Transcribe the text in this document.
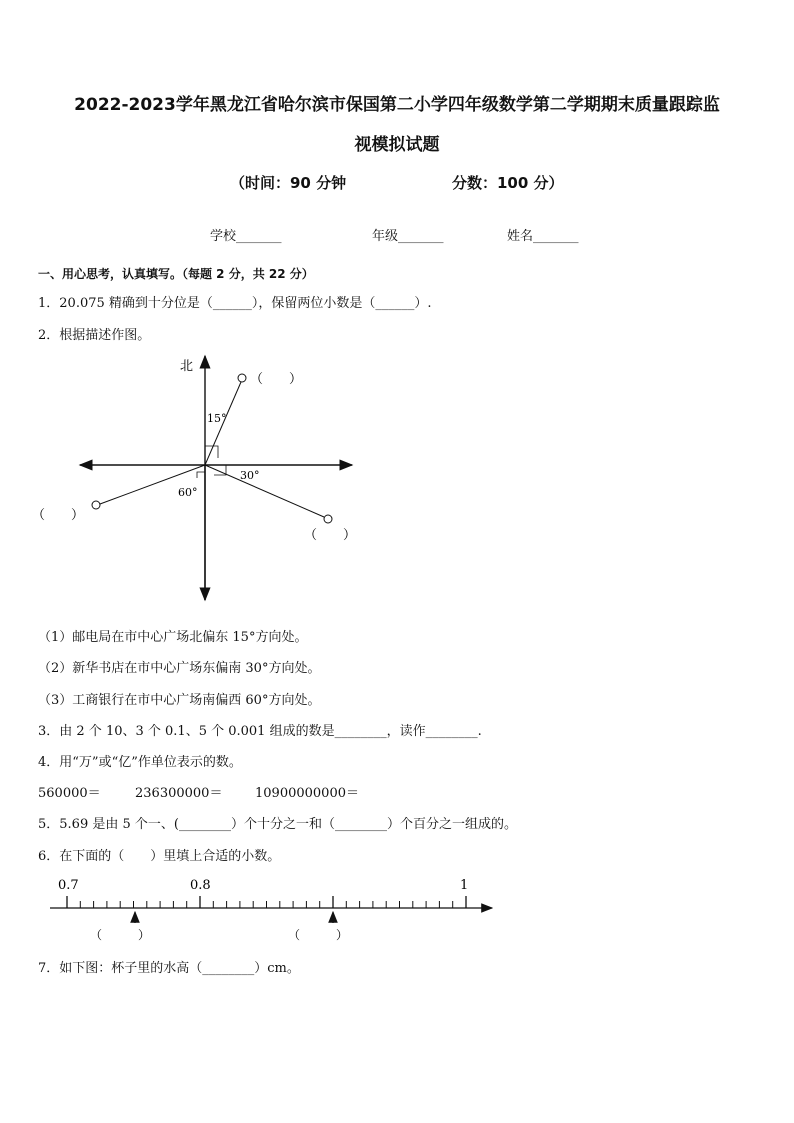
2022-2023学年黑龙江省哈尔滨市保国第二小学四年级数学第二学期期末质量跟踪监
视模拟试题
（时间：90 分钟	分数：100 分）
学校_______	年级_______	姓名_______
一、用心思考，认真填写。（每题 2 分，共 22 分）
1．20.075 精确到十分位是（______），保留两位小数是（______）.
2．根据描述作图。
北
15°
30°
60°
（　　）
（　　）
（　　）
（1）邮电局在市中心广场北偏东 15°方向处。
（2）新华书店在市中心广场东偏南 30°方向处。
（3）工商银行在市中心广场南偏西 60°方向处。
3．由 2 个 10、3 个 0.1、5 个 0.001 组成的数是________，读作________.
4．用“万”或“亿”作单位表示的数。
560000＝	236300000＝	10900000000＝
5．5.69 是由 5 个一、(________）个十分之一和（________）个百分之一组成的。
6．在下面的（　　）里填上合适的小数。
0.7	0.8	1
（　　　）	（　　　）
7．如下图：杯子里的水高（________）cm。
